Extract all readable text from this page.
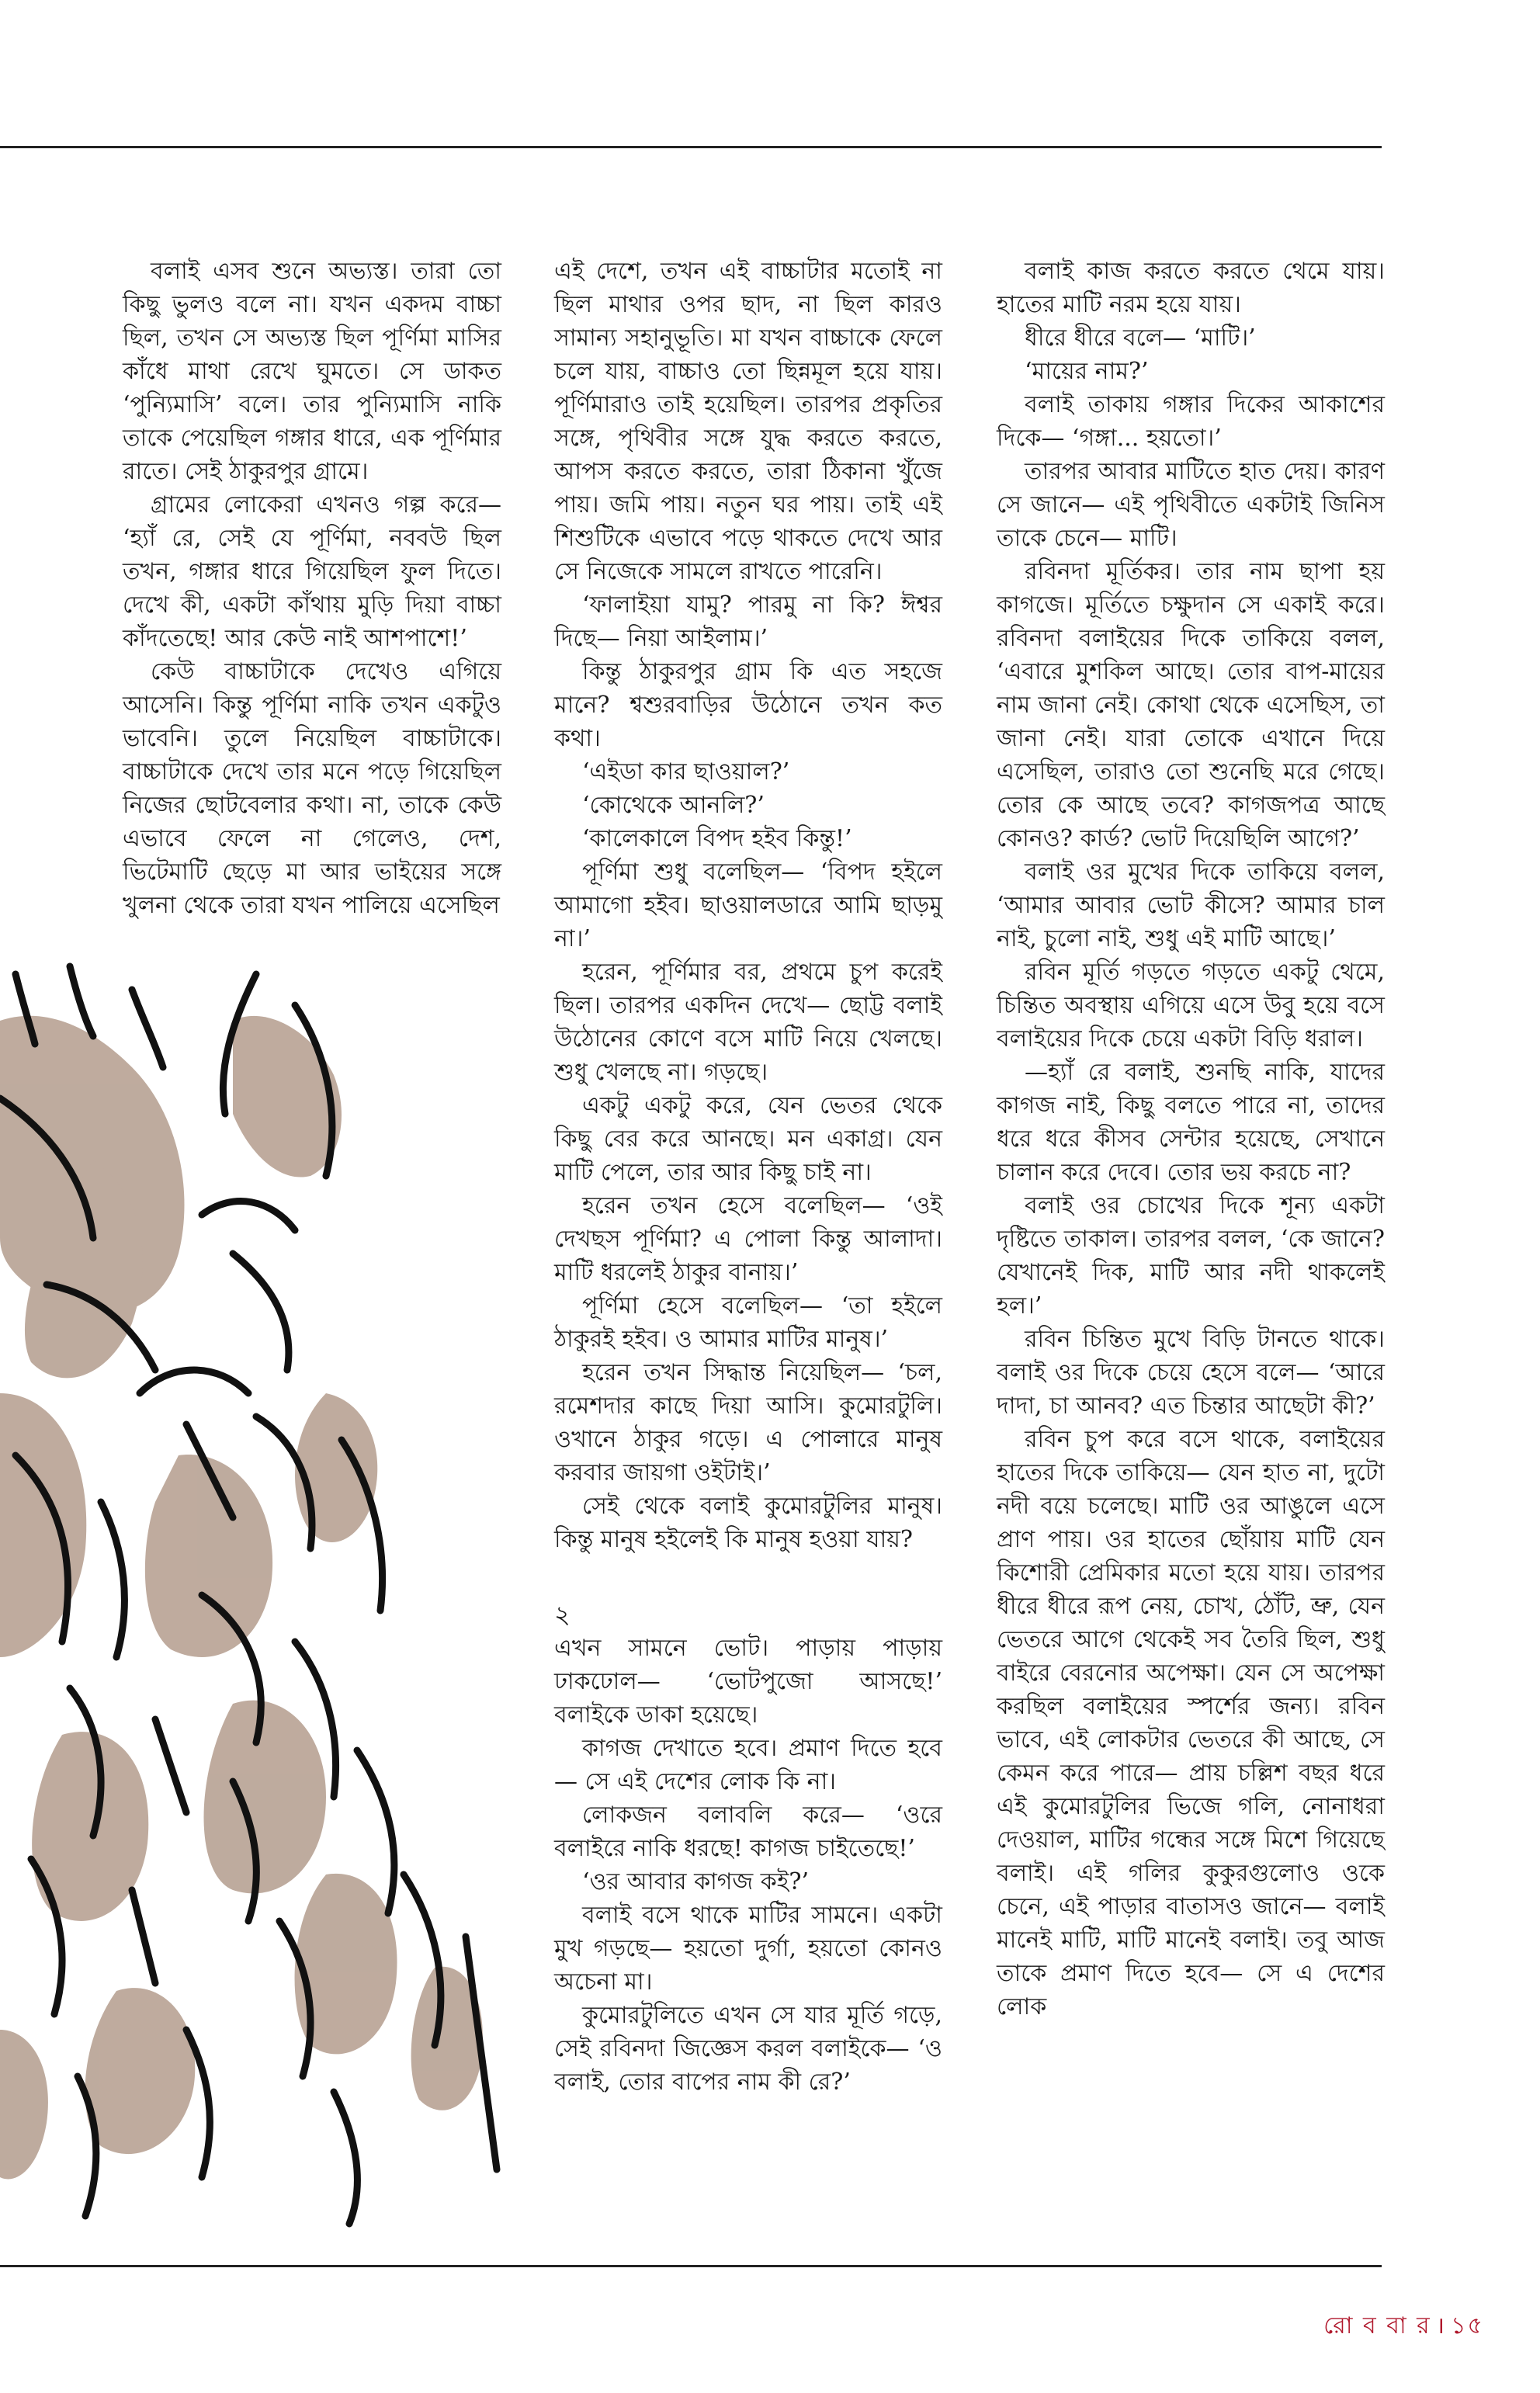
বলাই এসব শুনে অভ্যস্ত। তারা তো কিছু ভুলও বলে না। যখন একদম বাচ্চা ছিল, তখন সে অভ্যস্ত ছিল পূর্ণিমা মাসির কাঁধে মাথা রেখে ঘুমতে। সে ডাকত ‘পুন্যিমাসি’ বলে। তার পুন্যিমাসি নাকি তাকে পেয়েছিল গঙ্গার ধারে, এক পূর্ণিমার রাতে। সেই ঠাকুরপুর গ্রামে।

গ্রামের লোকেরা এখনও গল্প করে— ‘হ্যাঁ রে, সেই যে পূর্ণিমা, নববউ ছিল তখন, গঙ্গার ধারে গিয়েছিল ফুল দিতে। দেখে কী, একটা কাঁথায় মুড়ি দিয়া বাচ্চা কাঁদতেছে! আর কেউ নাই আশপাশে!’

কেউ বাচ্চাটাকে দেখেও এগিয়ে আসেনি। কিন্তু পূর্ণিমা নাকি তখন একটুও ভাবেনি। তুলে নিয়েছিল বাচ্চাটাকে। বাচ্চাটাকে দেখে তার মনে পড়ে গিয়েছিল নিজের ছোটবেলার কথা। না, তাকে কেউ এভাবে ফেলে না গেলেও, দেশ, ভিটেমাটি ছেড়ে মা আর ভাইয়ের সঙ্গে খুলনা থেকে তারা যখন পালিয়ে এসেছিল

এই দেশে, তখন এই বাচ্চাটার মতোই না ছিল মাথার ওপর ছাদ, না ছিল কারও সামান্য সহানুভূতি। মা যখন বাচ্চাকে ফেলে চলে যায়, বাচ্চাও তো ছিন্নমূল হয়ে যায়। পূর্ণিমারাও তাই হয়েছিল। তারপর প্রকৃতির সঙ্গে, পৃথিবীর সঙ্গে যুদ্ধ করতে করতে, আপস করতে করতে, তারা ঠিকানা খুঁজে পায়। জমি পায়। নতুন ঘর পায়। তাই এই শিশুটিকে এভাবে পড়ে থাকতে দেখে আর সে নিজেকে সামলে রাখতে পারেনি।

‘ফালাইয়া যামু? পারমু না কি? ঈশ্বর দিছে— নিয়া আইলাম।’

কিন্তু ঠাকুরপুর গ্রাম কি এত সহজে মানে? শ্বশুরবাড়ির উঠোনে তখন কত কথা।

‘এইডা কার ছাওয়াল?’

‘কোথেকে আনলি?’

‘কালেকালে বিপদ হইব কিন্তু!’

পূর্ণিমা শুধু বলেছিল— ‘বিপদ হইলে আমাগো হইব। ছাওয়ালডারে আমি ছাড়মু না।’

হরেন, পূর্ণিমার বর, প্রথমে চুপ করেই ছিল। তারপর একদিন দেখে— ছোট্ট বলাই উঠোনের কোণে বসে মাটি নিয়ে খেলছে। শুধু খেলছে না। গড়ছে।

একটু একটু করে, যেন ভেতর থেকে কিছু বের করে আনছে। মন একাগ্র। যেন মাটি পেলে, তার আর কিছু চাই না।

হরেন তখন হেসে বলেছিল— ‘ওই দেখছস পূর্ণিমা? এ পোলা কিন্তু আলাদা। মাটি ধরলেই ঠাকুর বানায়।’

পূর্ণিমা হেসে বলেছিল— ‘তা হইলে ঠাকুরই হইব। ও আমার মাটির মানুষ।’

হরেন তখন সিদ্ধান্ত নিয়েছিল— ‘চল, রমেশদার কাছে দিয়া আসি। কুমোরটুলি। ওখানে ঠাকুর গড়ে। এ পোলারে মানুষ করবার জায়গা ওইটাই।’

সেই থেকে বলাই কুমোরটুলির মানুষ। কিন্তু মানুষ হইলেই কি মানুষ হওয়া যায়?

২

এখন সামনে ভোট। পাড়ায় পাড়ায় ঢাকঢোল— ‘ভোটপুজো আসছে!’ বলাইকে ডাকা হয়েছে।

কাগজ দেখাতে হবে। প্রমাণ দিতে হবে— সে এই দেশের লোক কি না।

লোকজন বলাবলি করে— ‘ওরে বলাইরে নাকি ধরছে! কাগজ চাইতেছে!’

‘ওর আবার কাগজ কই?’

বলাই বসে থাকে মাটির সামনে। একটা মুখ গড়ছে— হয়তো দুর্গা, হয়তো কোনও অচেনা মা।

কুমোরটুলিতে এখন সে যার মূর্তি গড়ে, সেই রবিনদা জিজ্ঞেস করল বলাইকে— ‘ও বলাই, তোর বাপের নাম কী রে?’

বলাই কাজ করতে করতে থেমে যায়। হাতের মাটি নরম হয়ে যায়।

ধীরে ধীরে বলে— ‘মাটি।’

‘মায়ের নাম?’

বলাই তাকায় গঙ্গার দিকের আকাশের দিকে— ‘গঙ্গা... হয়তো।’

তারপর আবার মাটিতে হাত দেয়। কারণ সে জানে— এই পৃথিবীতে একটাই জিনিস তাকে চেনে— মাটি।

রবিনদা মূর্তিকর। তার নাম ছাপা হয় কাগজে। মূর্তিতে চক্ষুদান সে একাই করে। রবিনদা বলাইয়ের দিকে তাকিয়ে বলল, ‘এবারে মুশকিল আছে। তোর বাপ-মায়ের নাম জানা নেই। কোথা থেকে এসেছিস, তা জানা নেই। যারা তোকে এখানে দিয়ে এসেছিল, তারাও তো শুনেছি মরে গেছে। তোর কে আছে তবে? কাগজপত্র আছে কোনও? কার্ড? ভোট দিয়েছিলি আগে?’

বলাই ওর মুখের দিকে তাকিয়ে বলল, ‘আমার আবার ভোট কীসে? আমার চাল নাই, চুলো নাই, শুধু এই মাটি আছে।’

রবিন মূর্তি গড়তে গড়তে একটু থেমে, চিন্তিত অবস্থায় এগিয়ে এসে উবু হয়ে বসে বলাইয়ের দিকে চেয়ে একটা বিড়ি ধরাল।

—হ্যাঁ রে বলাই, শুনছি নাকি, যাদের কাগজ নাই, কিছু বলতে পারে না, তাদের ধরে ধরে কীসব সেন্টার হয়েছে, সেখানে চালান করে দেবে। তোর ভয় করচে না?

বলাই ওর চোখের দিকে শূন্য একটা দৃষ্টিতে তাকাল। তারপর বলল, ‘কে জানে? যেখানেই দিক, মাটি আর নদী থাকলেই হল।’

রবিন চিন্তিত মুখে বিড়ি টানতে থাকে। বলাই ওর দিকে চেয়ে হেসে বলে— ‘আরে দাদা, চা আনব? এত চিন্তার আছেটা কী?’

রবিন চুপ করে বসে থাকে, বলাইয়ের হাতের দিকে তাকিয়ে— যেন হাত না, দুটো নদী বয়ে চলেছে। মাটি ওর আঙুলে এসে প্রাণ পায়। ওর হাতের ছোঁয়ায় মাটি যেন কিশোরী প্রেমিকার মতো হয়ে যায়। তারপর ধীরে ধীরে রূপ নেয়, চোখ, ঠোঁট, ভ্রু, যেন ভেতরে আগে থেকেই সব তৈরি ছিল, শুধু বাইরে বেরনোর অপেক্ষা। যেন সে অপেক্ষা করছিল বলাইয়ের স্পর্শের জন্য। রবিন ভাবে, এই লোকটার ভেতরে কী আছে, সে কেমন করে পারে— প্রায় চল্লিশ বছর ধরে এই কুমোরটুলির ভিজে গলি, নোনাধরা দেওয়াল, মাটির গন্ধের সঙ্গে মিশে গিয়েছে বলাই। এই গলির কুকুরগুলোও ওকে চেনে, এই পাড়ার বাতাসও জানে— বলাই মানেই মাটি, মাটি মানেই বলাই। তবু আজ তাকে প্রমাণ দিতে হবে— সে এ দেশের লোক

রো ব বা র । ১৫
